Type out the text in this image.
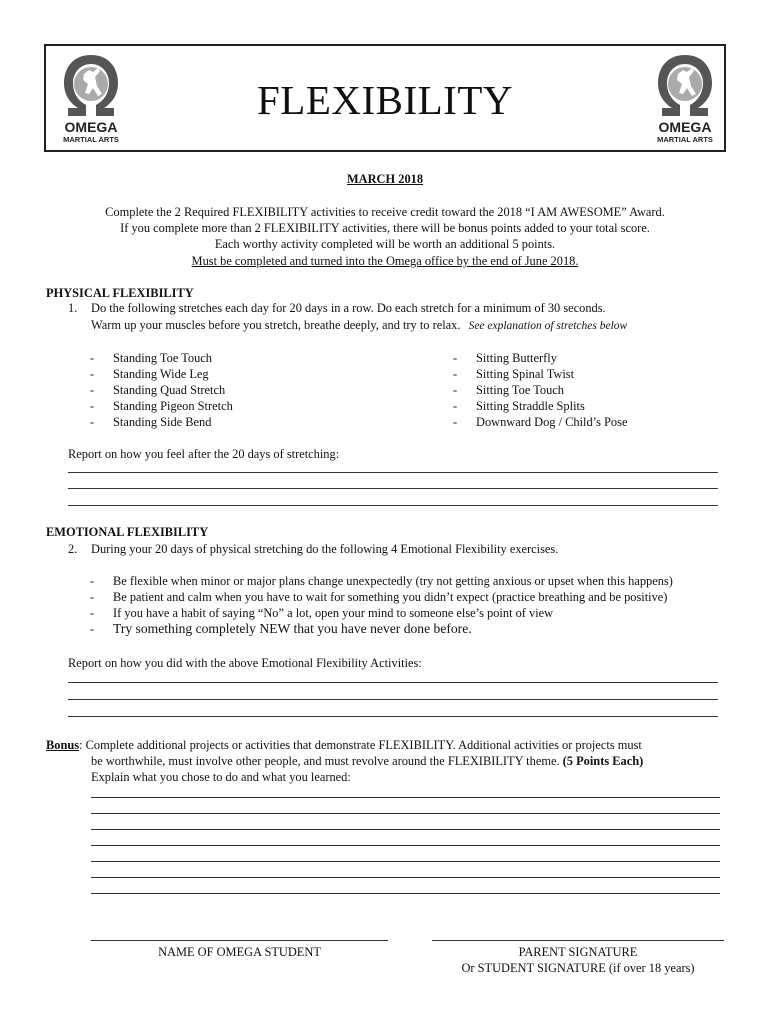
OMEGA
MARTIAL ARTS
FLEXIBILITY
OMEGA
MARTIAL ARTS
MARCH 2018
Complete the 2 Required FLEXIBILITY activities to receive credit toward the 2018 “I AM AWESOME” Award.
If you complete more than 2 FLEXIBILITY activities, there will be bonus points added to your total score.
Each worthy activity completed will be worth an additional 5 points.
Must be completed and turned into the Omega office by the end of June 2018.
PHYSICAL FLEXIBILITY
1. Do the following stretches each day for 20 days in a row. Do each stretch for a minimum of 30 seconds.
Warm up your muscles before you stretch, breathe deeply, and try to relax. See explanation of stretches below
-
-
-
-
-
Standing Toe Touch
Standing Wide Leg
Standing Quad Stretch
Standing Pigeon Stretch
Standing Side Bend
-
-
-
-
-
Sitting Butterfly
Sitting Spinal Twist
Sitting Toe Touch
Sitting Straddle Splits
Downward Dog / Child’s Pose
Report on how you feel after the 20 days of stretching:
EMOTIONAL FLEXIBILITY
2. During your 20 days of physical stretching do the following 4 Emotional Flexibility exercises.
-
-
-
-
Be flexible when minor or major plans change unexpectedly (try not getting anxious or upset when this happens)
Be patient and calm when you have to wait for something you didn’t expect (practice breathing and be positive)
If you have a habit of saying “No” a lot, open your mind to someone else’s point of view
Try something completely NEW that you have never done before.
Report on how you did with the above Emotional Flexibility Activities:
Bonus: Complete additional projects or activities that demonstrate FLEXIBILITY. Additional activities or projects must
be worthwhile, must involve other people, and must revolve around the FLEXIBILITY theme. (5 Points Each)
Explain what you chose to do and what you learned:
NAME OF OMEGA STUDENT	PARENT SIGNATURE
Or STUDENT SIGNATURE (if over 18 years)
